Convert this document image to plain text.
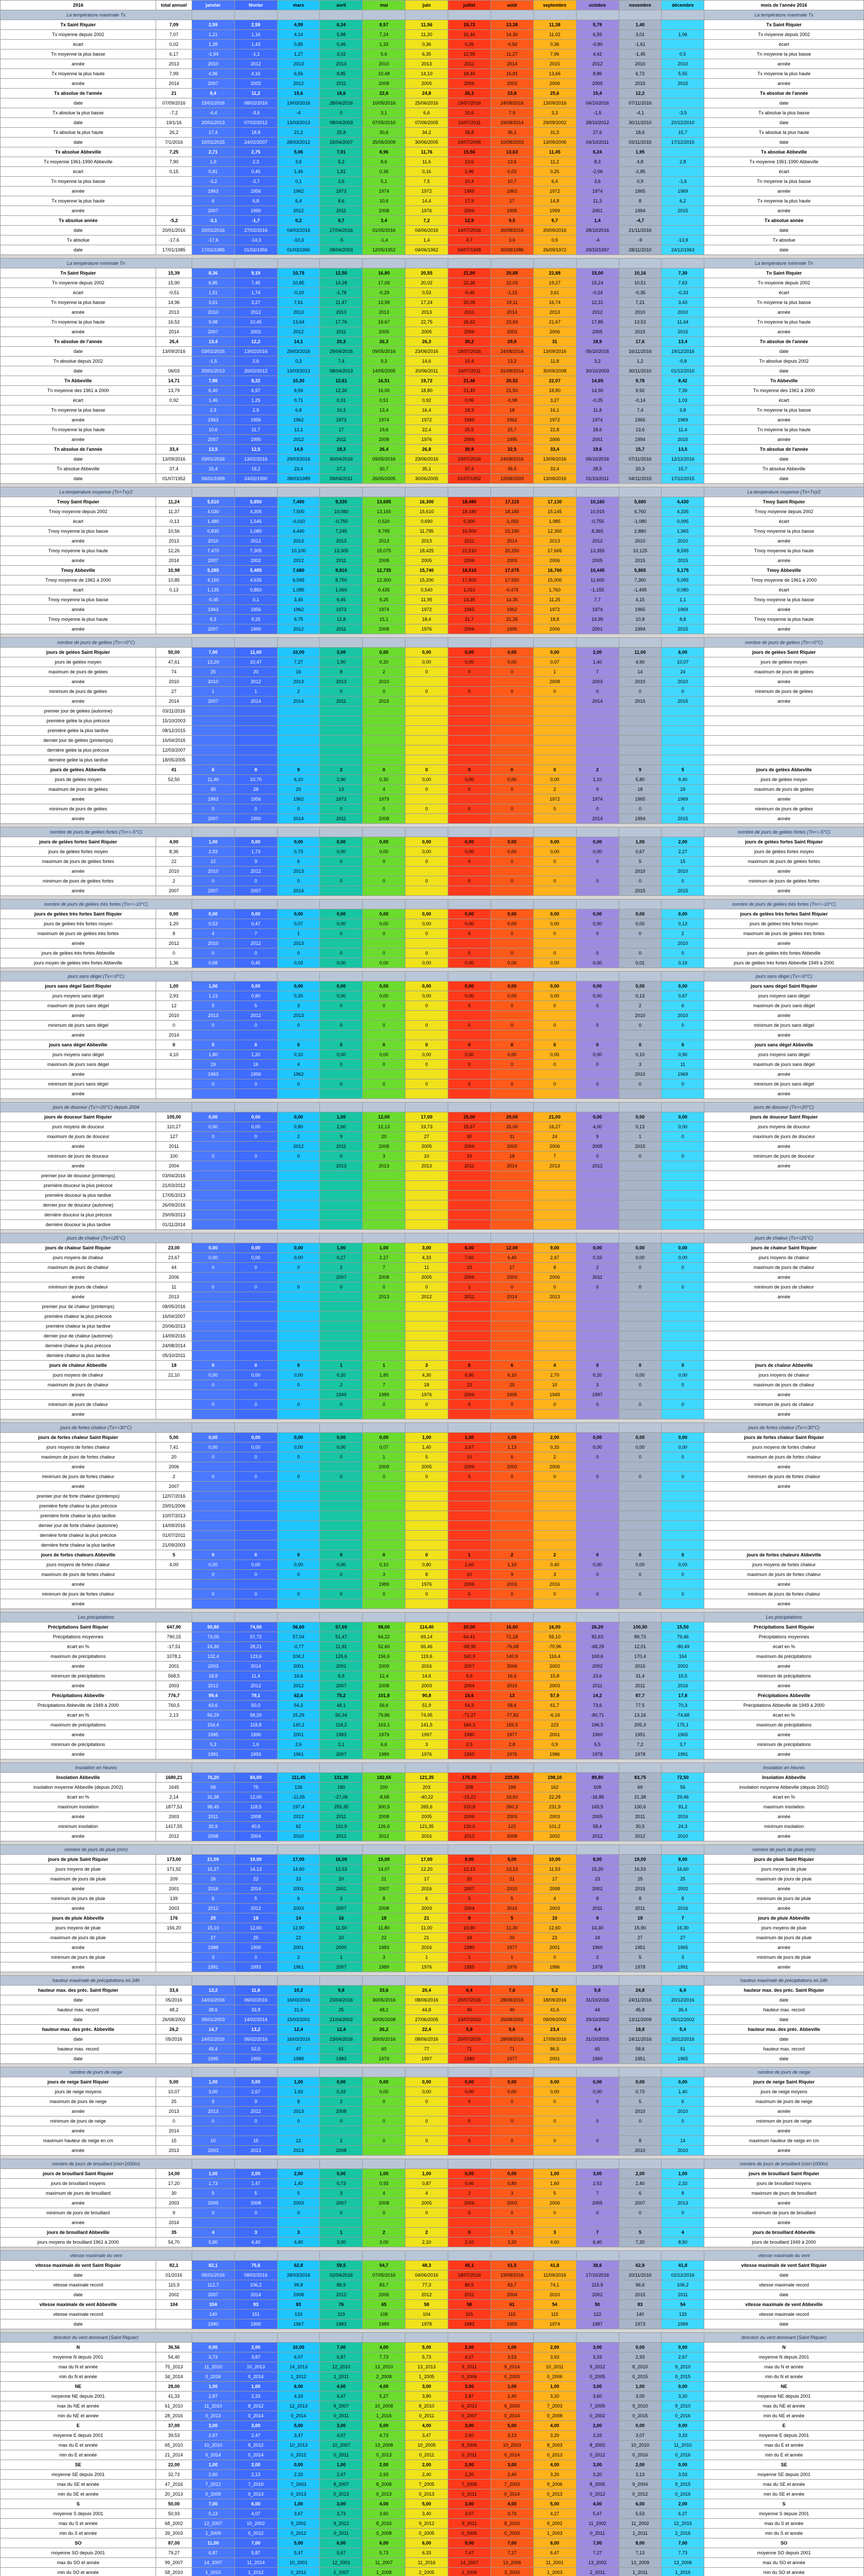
2016	total annuel	janvier	février	mars	avril	mai	juin	juillet	août	septembre	octobre	novembre	décembre	mois de l'année 2016
La température maximale Tx														La température maximale Tx
Tx Saint Riquier	7,09	2,59	2,59	4,99	6,34	8,57	11,56	15,72	13,38	11,38	5,79	1,40		Tx Saint Riquier
Tx moyenne depuis 2002	7,07	1,21	1,16	4,14	5,88	7,24	11,20	15,46	14,30	11,02	6,59	3,01	1,06	Tx moyenne depuis 2002
écart	0,02	1,38	1,43	0,85	0,46	1,33	0,36	0,26	-0,92	0,36	-0,80	-1,61		écart
Tn moyenne la plus basse	6,17	-1,94	-1,1	1,27	3,02	5,6	6,35	12,95	11,27	7,96	4,42	-1,45	0,5	Tn moyenne la plus basse
année	2013	2010	2012	2013	2013	2010	2013	2011	2014	2015	2012	2010	2010	année
Tx moyenne la plus haute	7,99	4,96	4,16	6,56	8,85	10,48	14,10	18,40	16,81	13,66	8,86	6,72	5,55	Tx moyenne la plus haute
année	2014	2007	2002	2012	2011	2008	2005	2006	2003	2006	2005	2015	2015	année
Tx absolue de l'année	21	9,4	11,2	15,6	18,6	22,6	24,8	26,3	23,8	25,6	15,4	12,2		Tx absolue de l'année
date	07/09/2016	15/01/2016	08/02/2016	19/03/2016	28/04/2016	10/05/2016	25/06/2016	19/07/2016	24/08/2016	13/09/2016	04/10/2016	07/11/2016		date
Tx absolue la plus basse	-7,2	-4,4	-3,6	-4	0	3,1	6,6	10,6	7,9	3,3	-1,5	-4,1	-3,5	Tx absolue la plus basse
date	19/1/16	20/01/2013	07/02/2012	13/03/2013	08/04/2003	07/05/2010	07/06/2005	10/07/2011	29/08/2014	29/09/2002	28/10/2012	30/11/2010	20/12/2010	date
Tx absolue la plus haute	26,2	17,4	18,8	21,2	25,8	30,6	34,2	38,8	36,1	31,5	27,6	18,6	15,7	Tx absolue la plus haute
date	7/1/2016	10/01/2015	24/02/2007	28/03/2012	15/04/2007	25/05/2009	30/06/2005	19/07/2006	10/08/2003	13/09/2006	04/10/2011	03/11/2015	17/12/2015	date
Tx absolue Abbeville	7,25	2,71	2,75	5,06	7,01	8,96	11,76	15,56	13,63	11,45	6,24	1,95		Tx absolue Abbeville
Tx moyenne 1961-1990 Abbeville	7,90	1,9	2,3	3,6	5,2	8,6	11,6	13,6	13,6	11,2	8,3	4,8	2,8	Tx moyenne 1961-1990 Abbeville
écart	0,15	0,81	0,45	1,46	1,81	0,36	0,16	1,96	0,03	0,25	-2,06	-2,85		écart
Tn moyenne la plus basse		-3,2	-2,7	0,1	2,6	5,1	7,5	10,4	10,7	6,4	3,6	0,9	-1,6	Tn moyenne la plus basse
année		1963	1956	1962	1973	1974	1972	1965	1962	1972	1974	1965	1969	année
Tx moyenne la plus haute		6	6,8	6,4	8,6	10,6	14,4	17,9	17	14,8	11,3	8	6,2	Tx moyenne la plus haute
année		2007	1990	2012	2011	2008	1976	2006	1995	1999	2001	1994	2015	année
Tx absolue année	-5,2	-3,1	-1,7	0,2	0,7	3,4	7,2	12,9	9,5	9,7	1,4	-4,7		Tx absolue année
date	20/01/2016	20/01/2016	27/02/2016	04/03/2016	27/04/2016	01/05/2016	04/06/2016	14/07/2016	30/08/2016	20/09/2016	28/10/2016	21/11/2016		date
Tx absolue	-17,6	-17,6	-14,3	-10,3	-5	-1,4	1,4	4,7	3,6	0,9	-4	-9	-13,9	Tx absolue
date	17/01/1985	17/01/1985	01/02/1956	01/03/1965	08/04/2003	12/05/1952	04/06/1962	04/07/1948	30/08/1986	26/09/1972	29/10/1997	28/11/2010	24/12/1963	date

La température minimale Tn														La température minimale Tn
Tn Saint Riquier	15,39	8,36	9,19	10,75	12,50	16,80	20,55	21,90	20,88	22,88	15,00	10,16	7,30	Tn Saint Riquier
Tn moyenne depuis 2002	15,90	6,85	7,45	10,85	14,28	17,09	20,02	22,36	22,03	19,27	15,24	10,51	7,63	Tn moyenne depuis 2002
écart	-0,51	1,51	1,74	-0,10	-1,78	-0,29	0,53	-0,46	-1,15	3,61	-0,24	-0,35	-0,33	écart
Tn moyenne la plus basse	14,96	3,61	3,27	7,61	11,47	13,99	17,24	20,05	19,11	16,74	12,31	7,21	3,43	Tn moyenne la plus basse
année	2013	2010	2012	2013	2013	2013	2013	2011	2014	2013	2012	2010	2010	année
Tn moyenne la plus haute	16,52	9,98	10,45	13,64	17,76	19,67	22,75	26,62	23,69	21,67	17,85	13,53	11,64	Tn moyenne la plus haute
année	2014	2007	2002	2012	2011	2005	2005	2006	2003	2006	2005	2015	2015	année
Tn absolue de l'année	26,4	13,4	12,2	14,1	20,3	26,3	26,3	30,2	29,9	31	18,9	17,6	13,4	Tn absolue de l'année
date	13/09/2016	03/01/2016	13/02/2016	29/03/2016	29/04/2016	09/05/2016	23/06/2016	19/07/2016	24/08/2016	13/09/2016	05/10/2016	16/11/2016	19/12/2016	date
Tn absolue depuis 2002		-1,5	2,6	0,3	7,4	9,3	14,6	15,4	13,2	11,8	3,2	1,2	-0,8	Tn absolue depuis 2002
date	06/03	20/01/2013	20/02/2012	13/03/2013	08/04/2013	14/05/2005	20/06/2011	14/07/2011	31/08/2014	30/09/2008	30/10/2003	30/11/2010	01/12/2010	date
Tn Abbeville	14,71	7,86	8,22	10,30	12,61	16,51	19,72	21,46	20,52	22,07	14,65	9,78	8,42	Tn Abbeville
Tn moyenne des 1961 à 2000	13,79	6,40	6,97	9,59	12,30	16,00	18,80	21,40	21,50	18,80	14,90	9,92	7,39	Tn moyenne des 1961 à 2000
écart	0,92	1,46	1,25	0,71	0,31	0,51	0,92	0,06	-0,98	3,27	-0,25	-0,14	1,03	écart
Tn moyenne la plus basse		2,3	2,9	6,8	10,3	13,4	16,4	18,3	18	16,1	11,8	7,4	3,8	Tn moyenne la plus basse
année		1963	1956	1962	1973	1974	1972	1965	1962	1972	1974	1965	1969	année
Tn moyenne la plus haute		10,6	11,7	13,1	17	19,6	22,4	25,5	25,7	22,8	18,6	13,6	11,4	Tn moyenne la plus haute
année		2007	1990	2012	2011	2008	1976	2006	1995	2006	2001	1994	2015	année
Tn absolue de l'année	33,4	13,5	12,5	14,5	18,3	26,4	26,8	30,9	32,5	33,4	19,6	15,7	13,5	Tn absolue de l'année
date	13/09/2016	03/01/2016	13/02/2016	29/03/2016	30/04/2016	09/05/2016	23/06/2016	19/07/2016	24/08/2016	13/09/2016	05/10/2016	07/11/2016	12/12/2016	date
Tn absolue Abbeville	37,4	15,4	19,2	23,4	27,2	30,7	35,1	37,4	36,5	33,4	28,5	20,3	15,7	Tn absolue Abbeville
date	01/07/1952	06/01/1999	24/02/1990	28/03/1989	09/04/2011	26/05/2005	30/06/2005	01/07/1952	12/08/2003	13/09/2016	01/10/2011	04/11/2015	17/12/2015	date

La température moyenne (Tn+Tx)/2														La température moyenne (Tn+Tx)/2
Tmoy Saint Riquier	11,24	5,510	5,850	7,490	9,330	13,685	16,300	18,480	17,115	17,130	10,160	5,680	4,430	Tmoy Saint Riquier
Tmoy moyenne depuis 2002	11,37	4,030	4,305	7,500	10,080	13,165	15,610	18,180	18,165	15,145	10,915	6,760	4,335	Tmoy moyenne depuis 2002
écart	-0,13	1,480	1,545	-0,010	-0,750	0,520	0,690	0,300	-1,050	1,985	-0,755	-1,080	0,095	écart
Tmoy moyenne la plus basse	10,56	0,835	1,085	4,440	7,245	9,795	11,795	16,500	15,190	12,350	8,365	2,880	1,965	Tmoy moyenne la plus basse
année	2013	2010	2012	2013	2013	2013	2013	2011	2014	2013	2012	2010	2010	année
Tmoy moyenne la plus haute	12,26	7,470	7,305	10,100	13,305	15,075	18,425	22,510	20,250	17,665	13,355	10,125	8,595	Tmoy moyenne la plus haute
année	2014	2007	2002	2012	2011	2008	2005	2006	2003	2006	2005	2015	2015	année
Tmoy Abbeville	10,98	5,285	5,485	7,680	9,810	12,735	15,740	18,510	17,075	16,760	10,445	5,865	5,175	Tmoy Abbeville
Tmoy moyenne de 1961 à 2000	10,85	4,150	4,635	6,595	8,750	12,300	15,200	17,500	17,550	15,000	11,600	7,360	5,095	Tmoy moyenne de 1961 à 2000
écart	0,13	1,135	0,850	1,085	1,060	0,435	0,540	1,010	-0,475	1,760	-1,155	-1,495	0,080	écart
Tmoy moyenne la plus basse		-0,45	0,1	3,45	6,45	9,25	11,95	14,35	14,35	11,25	7,7	4,15	1,1	Tmoy moyenne la plus basse
année		1963	1956	1962	1973	1974	1972	1965	1962	1972	1974	1965	1969	année
Tmoy moyenne la plus haute		8,3	9,25	9,75	12,8	15,1	18,4	21,7	21,35	18,8	14,95	10,8	8,8	Tmoy moyenne la plus haute
année		2007	1990	2012	2011	2008	1976	2006	1995	2006	2001	1994	2015	année

nombre de jours de gelées (Tn<=0°C)														nombre de jours de gelées (Tn<=0°C)
jours de gelées Saint Riquier	50,00	7,00	11,00	10,00	3,00	0,00	0,00	0,00	0,00	0,00	2,00	11,00	6,00	jours de gelées Saint Riquier
jours de gelées moyen	47,61	13,20	10,47	7,27	1,90	0,20	0,00	0,00	0,00	0,07	1,40	4,90	10,07	jours de gelées moyen
maximum de jours de gelées	74	25	20	16	8	2	0	0	0	1	7	14	24	maximum de jours de gelées
année	2010	2010	2012	2013	2013	2010				2008	2003	2010	2010	année
minimum de jours de gelées	27	1	1	2	0	0	0	0	0	0	0	0	0	minimum de jours de gelées
année	2014	2007	2014	2014	2011	2015					2014	2015	2015	année
premier jour de gelées (automne)	03/11/2016													
première gelée la plus précoce	15/10/2003													
première gelée la plus tardive	08/12/2015													
dernier jour de gelées (printemps)	16/04/2016													
dernière gelée la plus précoce	12/03/2007													
dernière gelée la plus tardive	18/05/2005													
jours de gelées Abbeville	41	6	8	9	2	0	0	0	0	0	2	9	5	jours de gelées Abbeville
jours de gelées moyen	52,50	11,40	10,70	6,10	2,90	0,30	0,00	0,00	0,00	0,00	1,10	5,80	9,40	jours de gelées moyen
maximum de jours de gelées		30	28	20	13	4	0	0	0	2	9	18	29	maximum de jours de gelées
année		1963	1956	1962	1973	1979				1972	1974	1965	1969	année
minimum de jours de gelées		0	0	0	0	0	0	0	0	0	0	0	0	minimum de jours de gelées
année		2007	1990	2014	2011	2008					2014	1994	2015	année

nombre de jours de gelées fortes (Tn<=-5°C)														nombre de jours de gelées fortes (Tn<=-5°C)
jours de gelées fortes Saint Riquier	4,00	1,00	0,00	0,00	0,00	0,00	0,00	0,00	0,00	0,00	0,00	1,00	2,00	jours de gelées fortes Saint Riquier
jours de gelées fortes moyen	8,36	2,93	1,73	0,73	0,00	0,00	0,00	0,00	0,00	0,00	0,00	0,67	2,27	jours de gelées fortes moyen
maximum de jours de gelées fortes	22	12	9	6	0	0	0	0	0	0	0	5	15	maximum de jours de gelées fortes
année	2010	2010	2012	2013								2010	2010	année
minimum de jours de gelées fortes	2	0	0	0	0	0	0	0	0	0	0	0	0	minimum de jours de gelées fortes
année	2007	2007	2007	2014								2015	2015	année

nombre de jours de gelées très fortes (Tn<=-10°C)														nombre de jours de gelées très fortes (Tn<=-10°C)
jours de gelées très fortes Saint Riquier	0,00	0,00	0,00	0,00	0,00	0,00	0,00	0,00	0,00	0,00	0,00	0,00	0,00	jours de gelées très fortes Saint Riquier
jours de gelées très fortes moyen	1,20	0,53	0,47	0,07	0,00	0,00	0,00	0,00	0,00	0,00	0,00	0,00	0,13	jours de gelées très fortes moyen
maximum de jours de gelées très fortes	8	4	7	1	0	0	0	0	0	0	0	0	2	maximum de jours de gelées très fortes
année	2012	2010	2012	2013									2010	année
jours de gelées très fortes Abbeville	0	0	0	0	0	0	0	0	0	0	0	0	0	jours de gelées très fortes Abbeville
jours moyen de gelées très fortes Abbeville	1,36	0,68	0,45	0,03	0,00	0,00	0,00	0,00	0,00	0,00	0,00	0,01	0,19	jours de gelées très fortes Abbeville 1949 à 2000

jours sans dégel (Tx<=0°C)														jours sans dégel (Tx<=0°C)
jours sans dégel Saint Riquier	1,00	1,00	0,00	0,00	0,00	0,00	0,00	0,00	0,00	0,00	0,00	0,00	0,00	jours sans dégel Saint Riquier
jours moyens sans dégel	2,93	1,13	0,80	0,20	0,00	0,00	0,00	0,00	0,00	0,00	0,00	0,13	0,67	jours moyens sans dégel
maximum de jours sans dégel	12	5	5	3	0	0	0	0	0	0	0	2	6	maximum de jours sans dégel
année	2010	2013	2012	2013								2010	2010	année
minimum de jours sans dégel	0	0	0	0	0	0	0	0	0	0	0	0	0	minimum de jours sans dégel
année	2014													année
jours sans dégel Abbeville	0	0	0	0	0	0	0	0	0	0	0	0	0	jours sans dégel Abbeville
jours moyens sans dégel	4,10	1,80	1,20	0,10	0,00	0,00	0,00	0,00	0,00	0,00	0,00	0,10	0,90	jours moyens sans dégel
maximum de jours sans dégel		19	16	4	0	0	0	0	0	0	0	3	11	maximum de jours sans dégel
année		1963	1956	1962								2010	1969	année
minimum de jours sans dégel		0	0	0	0	0	0	0	0	0	0	0	0	minimum de jours sans dégel
année														année

jours de douceur (Tx>=20°C) depuis 2004														jours de douceur (Tx>=20°C)
jours de douceur Saint Riquier	105,00	0,00	0,00	0,00	1,00	12,00	17,00	25,00	29,00	21,00	0,00	0,00	0,00	jours de douceur Saint Riquier
jours moyens de douceur	110,27	0,00	0,00	0,80	2,60	12,13	19,73	25,67	26,00	16,27	4,00	0,13	0,00	jours moyens de douceur
maximum de jours de douceur	127	0	0	2	9	20	27	30	31	24	9	1	0	maximum de jours de douceur
année	2011			2012	2011	2008	2005	2006	2003	2006	2005	2015		année
minimum de jours de douceur	100	0	0	0	0	3	10	19	18	7	0	0	0	minimum de jours de douceur
année	2004				2013	2013	2013	2011	2014	2013	2012			année
premier jour de douceur (printemps)	03/04/2016													
première douceur la plus précoce	21/03/2012													
première douceur la plus tardive	17/05/2013													
dernier jour de douceur (automne)	26/09/2016													
dernière douceur la plus précoce	29/09/2013													
dernière douceur la plus tardive	01/11/2014													

jours de chaleur (Tx>=25°C)														jours de chaleur (Tx>=25°C)
jours de chaleur Saint Riquier	23,00	0,00	0,00	0,00	1,00	1,00	3,00	6,00	12,00	9,00	0,00	0,00	0,00	jours de chaleur Saint Riquier
jours moyens de chaleur	23,67	0,00	0,00	0,00	0,27	2,27	4,33	7,60	6,40	2,47	0,33	0,00	0,00	jours moyens de chaleur
maximum de jours de chaleur	44	0	0	0	2	7	11	23	17	8	2	0	0	maximum de jours de chaleur
année	2006				2007	2008	2005	2006	2003	2006	2011			année
minimum de jours de chaleur	11	0	0	0	0	0	0	1	0	0	0	0	0	minimum de jours de chaleur
année	2013					2013	2012	2011	2014	2013				année
premier jour de chaleur (printemps)	08/05/2016													
première chaleur la plus précoce	16/04/2007													
première chaleur la plus tardive	20/06/2013													
dernier jour de chaleur (automne)	14/09/2016													
dernière chaleur la plus précoce	24/08/2014													
dernière chaleur la plus tardive	05/10/2011													
jours de chaleur Abbeville	18	0	0	0	1	1	3	6	6	4	0	0	0	jours de chaleur Abbeville
jours moyens de chaleur	22,10	0,00	0,00	0,00	0,20	1,80	4,30	6,80	6,10	2,70	0,20	0,00	0,00	jours moyens de chaleur
maximum de jours de chaleur		0	0	0	2	7	18	23	25	10	3	0	0	maximum de jours de chaleur
année					1949	1989	1976	2006	1995	1949	1997			année
minimum de jours de chaleur		0	0	0	0	0	0	0	0	0	0	0	0	minimum de jours de chaleur
année														année

jours de fortes chaleur (Tx>=30°C)														jours de fortes chaleur (Tx>=30°C)
jours de fortes chaleur Saint Riquier	5,00	0,00	0,00	0,00	0,00	0,00	1,00	1,00	1,00	2,00	0,00	0,00	0,00	jours de fortes chaleur Saint Riquier
jours moyens de fortes chaleur	7,41	0,00	0,00	0,00	0,00	0,07	1,40	2,67	1,13	0,33	0,00	0,00	0,00	jours moyens de fortes chaleur
maximum de jours de fortes chaleur	20	0	0	0	0	1	5	10	6	2	0	0	0	maximum de jours de fortes chaleur
année	2006					2009	2005	2006	2003	2006				année
minimum de jours de fortes chaleur	2	0	0	0	0	0	0	0	0	0	0	0	0	minimum de jours de fortes chaleur
année	2007													année
premier jour de forte chaleur (printemps)	12/07/2016													
première forte chaleur la plus précoce	29/01/2006													
première forte chaleur la plus tardive	10/07/2013													
dernier jour de forte chaleur (automne)	14/09/2016													
dernière forte chaleur la plus précoce	01/07/2011													
dernière forte chaleur la plus tardive	21/09/2003													
jours de fortes chaleurs Abbeville	5	0	0	0	0	0	0	1	2	2	0	0	0	jours de fortes chaleurs Abbeville
jours moyens de fortes chaleur	4,00	0,00	0,00	0,00	0,00	0,10	0,80	1,60	1,10	0,40	0,00	0,00	0,00	jours moyens de fortes chaleur
maximum de jours de fortes chaleur		0	0	0	0	3	8	10	9	3	0	0	0	maximum de jours de fortes chaleur
année						1989	1976	2006	2003	2016				année
minimum de jours de fortes chaleur		0	0	0	0	0	0	0	0	0	0	0	0	minimum de jours de fortes chaleur
année														année

Les précipitations														Les précipitations
Précipitations Saint Riquier	647,90	90,80	74,00	56,60	57,60	98,00	114,40	20,00	16,60	16,00	26,20	100,50	15,50	Précipitations Saint Riquier
Précipitations moyennes	790,15	73,05	57,72	57,04	51,47	64,22	69,14	64,41	71,18	55,10	82,63	89,73	79,46	Précipitations moyennes
écart en %	-17,51	24,30	28,21	-0,77	11,91	52,60	65,46	-68,95	-76,68	-70,96	-68,29	12,01	-80,49	écart en %
maximum de précipitations	1078,1	132,4	123,6	104,2	126,6	156,6	119,6	160,9	140,9	116,4	169,6	170,4	164	maximum de précipitations
année	2001	2003	2014	2001	2001	2009	2016	2007	2006	2002	2002	2015	2002	année
minimum de précipitations	568,5	18,8	11,4	16,6	6,9	12,4	14,6	9,6	16,6	15,8	23,6	31,4	15,5	minimum de précipitations
année	2003	2012	2012	2012	2007	2008	2003	2004	2016	2003	2011	2011	2016	année
Précipitations Abbeville	776,7	99,4	79,1	62,6	75,2	101,8	90,8	15,6	13	57,9	14,2	87,7	17,8	Précipitations Abbeville
Précipitations Abbeville de 1949 à 2000	760,5	63,6	50,0	54,3	48,1	56,6	51,9	54,3	58,6	61,7	73,6	77,5	70,3	Précipitations Abbeville de 1949 à 2000
écart en %	2,13	56,29	58,20	15,29	56,34	79,86	74,95	-71,27	-77,82	-6,16	-80,71	13,16	-74,68	écart en %
maximum de précipitations		154,4	118,8	130,2	118,2	163,1	141,5	184,3	155,5	223	196,5	205,3	175,1	maximum de précipitations
année		1995	1990	2001	1983	1979	1997	1980	1977	2001	1960	1951	1965	année
minimum de précipitations		5,3	1,6	2,6	2,1	6,6	3	2,5	2,8	0,9	5,5	7,2	3,7	minimum de précipitations
année		1991	1993	1961	2007	1989	1976	1955	1976	1986	1978	1978	1991	année

Insolation en heures														Insolation en heures
Insolation Abbeville	1680,21	76,20	84,00	111,45	131,30	182,65	121,35	176,35	225,85	198,10	89,80	83,75	72,50	Insolation Abbeville
insolation moyenne Abbeville (depuis 2002)	1645	58	75	126	180	200	203	208	189	162	108	69	56	insolation moyenne Abbeville (depuis 2002)
écart en %	2,14	31,38	12,00	-11,55	-27,06	-8,68	-40,22	-15,22	19,50	22,28	-16,85	21,38	29,46	écart en %
maximum insolation	1877,53	98,45	118,5	197,4	255,35	300,5	265,6	310,8	260,3	231,9	165,5	130,6	91,2	maximum insolation
année	2003	2011	2008	2012	2011	2008	2005	2006	2003	2003	2005	2011	2016	année
minimum insolation	1417,55	30,9	40,5	62	110,9	126,6	121,35	130,6	122	101,2	58,4	30,5	24,3	minimum insolation
année	2012	2008	2004	2010	2012	2012	2016	2012	2008	2002	2012	2012	2010	année

nombre de jours de pluie (mm)														nombre de jours de pluie (mm)
jours de pluie Saint Riquier	173,00	21,00	19,00	17,00	16,00	15,00	17,00	9,00	5,00	10,00	8,00	19,00	8,00	jours de pluie Saint Riquier
jours moyens de pluie	171,92	15,27	14,13	14,60	12,53	14,07	12,20	12,13	13,13	11,53	15,20	16,53	16,60	jours moyens de pluie
maximum de jours de pluie	209	26	22	23	20	21	17	20	21	17	23	25	25	maximum de jours de pluie
année	2001	2016	2014	2001	2001	2007	2016	2007	2010	2008	2002	2015	2002	année
minimum de jours de pluie	139	6	5	6	3	8	6	5	5	4	8	8	8	minimum de jours de pluie
année	2003	2012	2012	2003	2007	2008	2003	2004	2016	2003	2011	2011	2016	année
jours de pluie Abbeville	176	20	18	14	16	18	21	9	5	10	9	19	7	jours de pluie Abbeville
jours moyens de pluie	156,20	15,10	12,60	12,90	11,50	11,80	11,00	10,90	11,30	12,60	14,30	15,90	16,30	jours moyens de pluie
maximum de jours de pluie		27	25	22	20	22	21	18	20	23	24	27	27	maximum de jours de pluie
année		1988	1990	2001	2000	1983	2016	1980	1977	2001	1960	1951	1965	année
minimum de jours de pluie		3	0	2	1	3	1	1	1	0	2	5	3	minimum de jours de pluie
année		1991	1993	1961	2007	1989	1976	1955	1976	1986	1978	1978	1991	année

hauteur maximale de précipitations en 24h														hauteur maximale de précipitations en 24h
hauteur max. des préc. Saint Riquier	33,6	13,2	11,6	10,2	9,8	33,6	20,4	6,4	7,6	5,2	5,8	24,8	6,4	hauteur max. des préc. Saint Riquier
date	05/2016	14/01/2016	06/02/2016	16/03/2016	23/04/2016	30/05/2016	08/06/2016	20/07/2016	28/08/2016	18/09/2016	31/10/2016	24/11/2016	20/12/2016	date
hauteur max. record	48,2	38,6	33,8	31,6	25	48,2	44,8	46	46	41,6	44	45,8	36,4	hauteur max. record
date	26/08/2002	05/01/2003	14/02/2014	15/03/2001	21/04/2002	30/05/2008	27/06/2005	13/07/2010	26/08/2002	09/09/2002	29/10/2002	13/11/2009	05/12/2002	date
hauteur max. des préc. Abbeville	26,2	14,7	13,2	12,4	12,4	26,2	22,4	5,8	5,6	23,4	4,4	18,8	5,4	hauteur max. des préc. Abbeville
date	05/2016	14/01/2016	06/02/2016	16/03/2016	23/04/2016	30/05/2016	08/06/2016	20/07/2016	28/08/2016	17/09/2016	31/10/2016	24/11/2016	20/12/2016	date
hauteur max. record		49,4	52,5	47	61	60	77	71	71	86,5	65	58,6	51	hauteur max. record
date		1995	1990	1988	1983	1979	1997	1980	1977	2001	1960	1951	1965	date

nombre de jours de neige														nombre de jours de neige
jours de neige Saint Riquier	5,00	1,00	3,00	1,00	0,00	0,00	0,00	0,00	0,00	0,00	0,00	0,00	0,00	jours de neige Saint Riquier
jours de neige moyens	10,07	3,00	2,67	1,93	0,33	0,00	0,00	0,00	0,00	0,00	0,00	0,73	1,40	jours de neige moyens
maximum de jours de neige	25	9	9	8	2	0	0	0	0	0	0	5	6	maximum de jours de neige
année	2013	2013	2012	2013	2008							2010	2010	année
minimum de jours de neige	0	0	0	0	0	0	0	0	0	0	0	0	0	minimum de jours de neige
année	2014													année
maximum hauteur de neige en cm	15	10	15	12	2	0	0	0	0	0	0	8	14	maximum hauteur de neige en cm
année	2013	2003	2013	2013	2008							2010	2010	année

nombre de jours de brouillard (visi<1000m)														nombre de jours de brouillard (visi<1000m)
jours de brouillard Saint Riquier	14,00	1,00	2,00	2,00	0,00	1,00	1,00	0,00	0,00	1,00	3,00	2,00	1,00	jours de brouillard Saint Riquier
jours de brouillard moyens	17,20	1,73	1,47	1,40	0,73	0,93	0,87	0,40	0,80	1,60	2,53	2,40	2,33	jours de brouillard moyens
maximum de jours de brouillard	30	5	5	5	3	4	4	2	3	5	7	6	8	maximum de jours de brouillard
année	2003	2009	2008	2003	2007	2008	2005	2006	2003	2006	2005	2007	2013	année
minimum de jours de brouillard	9	0	0	0	0	0	0	0	0	0	0	0	0	minimum de jours de brouillard
année	2014													année
jours de brouillard Abbeville	35	4	3	3	1	2	2	0	1	3	7	5	4	jours de brouillard Abbeville
jours moyens de brouillard 1961 à 2000	54,70	5,80	4,40	4,40	3,00	3,00	2,10	2,10	3,20	4,60	6,40	7,20	8,50	jours de brouillard 1949 à 2000

vitesse maximale du vent														vitesse maximale du vent
vitesse maximale de vent Saint Riquier	82,1	82,1	75,6	62,8	59,5	54,7	48,3	45,1	51,5	41,8	38,6	62,8	41,8	vitesse maximale de vent Saint Riquier
date	01/2016	05/01/2016	08/02/2016	28/03/2016	02/04/2016	07/05/2016	04/06/2016	18/07/2016	19/08/2016	11/09/2016	17/10/2016	20/11/2016	02/12/2016	date
vitesse maximale record	115,9	112,7	106,2	99,8	86,9	83,7	77,3	80,5	83,7	74,1	115,9	96,6	106,2	vitesse maximale record
date	2002	2007	2014	2008	2012	2006	2012	2011	2004	2010	2002	2015	2011	date
vitesse maximale de vent Abbeville	104	104	93	83	76	65	58	58	61	54	50	83	54	vitesse maximale de vent Abbeville
vitesse maximale record		140	151	133	119	108	104	101	115	115	122	140	133	vitesse maximale record
date		1990	1990	1967	1983	1989	1978	1982	1955	1974	1987	1973	1999	date

direction du vent dominant (Saint Riquier)														direction du vent dominant (Saint Riquier)
N	36,56	0,00	2,00	10,00	7,00	4,00	5,00	2,00	1,00	2,00	3,00	0,00	0,00	N
moyenne N depuis 2001	54,40	3,73	3,87	6,07	6,87	7,73	5,73	4,07	3,53	3,93	3,33	2,93	2,67	moyenne N depuis 2001
max du N et année	75_2013	11_2010	10_2013	14_2013	12_2010	13_2010	13_2013	9_2011	9_2014	10_2011	9_2012	8_2010	9_2010	max du N et année
min du N et année	34_2014	0_2016	0_2014	1_2012	1_2011	2_2008	1_2005	0_2006	0_2003	0_2006	0_2005	0_2015	0_2015	min du N et année
NE	28,00	1,00	1,00	6,00	4,00	4,00	3,00	3,00	1,00	1,00	3,00	1,00	0,00	NE
moyenne NE depuis 2001	41,33	2,87	2,33	4,33	4,47	5,27	3,80	2,87	2,40	3,20	3,60	3,00	3,20	moyenne NE depuis 2001
max du NE et année	61_2010	11_2010	8_2012	12_2013	9_2007	10_2008	8_2010	6_2013	6_2003	7_2003	7_2005	9_2010	9_2010	max du NE et année
min du NE et année	28_2016	0_2013	0_2014	0_2014	0_2011	1_2016	0_2011	0_2007	0_2014	0_2008	0_2002	0_2015	0_2016	min du NE et année
E	37,00	3,00	3,00	5,00	3,00	5,00	4,00	3,00	5,00	4,00	2,00	0,00	0,00	E
moyenne E depuis 2001	39,53	2,67	2,47	3,47	4,07	4,73	3,47	2,60	3,13	3,20	3,33	3,07	3,33	moyenne E depuis 2001
max du E et année	65_2010	10_2010	8_2012	10_2013	10_2007	13_2008	10_2005	8_2006	10_2003	8_2003	8_2002	10_2010	11_2010	max du E et année
min du E et année	21_2014	0_2014	0_2014	0_2012	0_2011	0_2013	0_2011	0_2011	0_2014	0_2013	0_2012	0_2016	0_2016	min du E et année
SE	22,00	1,00	2,00	0,00	1,00	2,00	2,00	2,00	3,00	4,00	3,00	2,00	0,00	SE
moyenne SE depuis 2001	32,73	2,60	2,13	2,33	2,67	2,93	2,40	2,20	2,40	3,20	3,20	3,13	3,53	moyenne SE depuis 2001
max du SE et année	47_2016	7_2012	7_2010	7_2003	8_2007	8_2008	7_2005	7_2006	7_2003	9_2006	8_2005	9_2004	9_2015	max du SE et année
min du SE et année	20_2013	0_2009	0_2013	0_2013	0_2013	0_2013	0_2013	0_2011	0_2014	0_2013	0_2012	0_2012	0_2016	min du SE et année
S	50,00	7,00	6,00	1,00	3,00	4,00	5,00	3,00	4,00	5,00	4,00	6,00	2,00	S
moyenne S depuis 2001	50,93	5,13	4,07	3,67	3,73	3,60	3,40	3,07	3,73	4,27	5,47	5,53	6,27	moyenne S depuis 2001
max du S et année	68_2002	12_2007	10_2002	9_2001	9_2012	8_2016	9_2012	9_2011	8_2010	9_2002	11_2002	11_2002	12_2015	max du S et année
min du S et année	39_2003	1_2009	0_2012	0_2012	0_2011	0_2008	0_2005	0_2006	0_2003	1_2003	0_2011	1_2011	2_2016	min du S et année
SO	87,00	11,00	7,00	5,00	6,00	6,00	6,00	9,00	7,00	8,00	7,00	8,00	7,00	SO
moyenne SO depuis 2001	79,27	6,87	5,87	5,47	5,67	5,73	6,33	7,47	7,27	6,47	7,27	7,13	7,73	moyenne SO depuis 2001
max du SO et année	99_2007	14_2007	11_2014	10_2001	12_2001	11_2007	11_2016	14_2007	13_2006	11_2001	13_2002	13_2009	13_2006	max du SO et année
min du SO et année	58_2010	1_2010	1_2012	0_2012	2_2007	1_2008	2_2005	2_2006	3_2003	1_2003	2_2011	1_2011	1_2016	min du SO et année
